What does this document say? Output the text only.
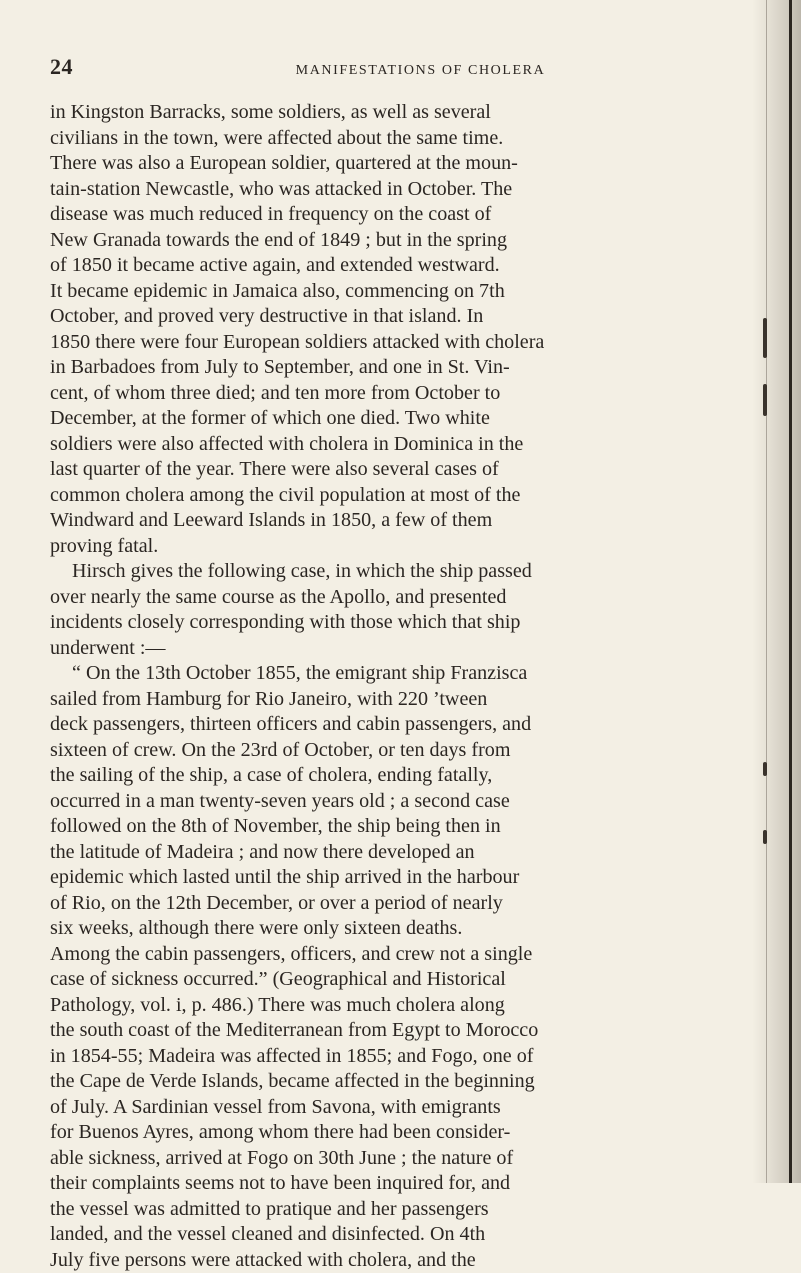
24	MANIFESTATIONS OF CHOLERA

in Kingston Barracks, some soldiers, as well as several
civilians in the town, were affected about the same time.
There was also a European soldier, quartered at the moun-
tain-station Newcastle, who was attacked in October. The
disease was much reduced in frequency on the coast of
New Granada towards the end of 1849 ; but in the spring
of 1850 it became active again, and extended westward.
It became epidemic in Jamaica also, commencing on 7th
October, and proved very destructive in that island. In
1850 there were four European soldiers attacked with cholera
in Barbadoes from July to September, and one in St. Vin-
cent, of whom three died; and ten more from October to
December, at the former of which one died. Two white
soldiers were also affected with cholera in Dominica in the
last quarter of the year. There were also several cases of
common cholera among the civil population at most of the
Windward and Leeward Islands in 1850, a few of them
proving fatal.

Hirsch gives the following case, in which the ship passed
over nearly the same course as the Apollo, and presented
incidents closely corresponding with those which that ship
underwent :—

“ On the 13th October 1855, the emigrant ship Franzisca
sailed from Hamburg for Rio Janeiro, with 220 ’tween
deck passengers, thirteen officers and cabin passengers, and
sixteen of crew. On the 23rd of October, or ten days from
the sailing of the ship, a case of cholera, ending fatally,
occurred in a man twenty-seven years old ; a second case
followed on the 8th of November, the ship being then in
the latitude of Madeira ; and now there developed an
epidemic which lasted until the ship arrived in the harbour
of Rio, on the 12th December, or over a period of nearly
six weeks, although there were only sixteen deaths.
Among the cabin passengers, officers, and crew not a single
case of sickness occurred.” (Geographical and Historical
Pathology, vol. i, p. 486.) There was much cholera along
the south coast of the Mediterranean from Egypt to Morocco
in 1854-55; Madeira was affected in 1855; and Fogo, one of
the Cape de Verde Islands, became affected in the beginning
of July. A Sardinian vessel from Savona, with emigrants
for Buenos Ayres, among whom there had been consider-
able sickness, arrived at Fogo on 30th June ; the nature of
their complaints seems not to have been inquired for, and
the vessel was admitted to pratique and her passengers
landed, and the vessel cleaned and disinfected. On 4th
July five persons were attacked with cholera, and the
